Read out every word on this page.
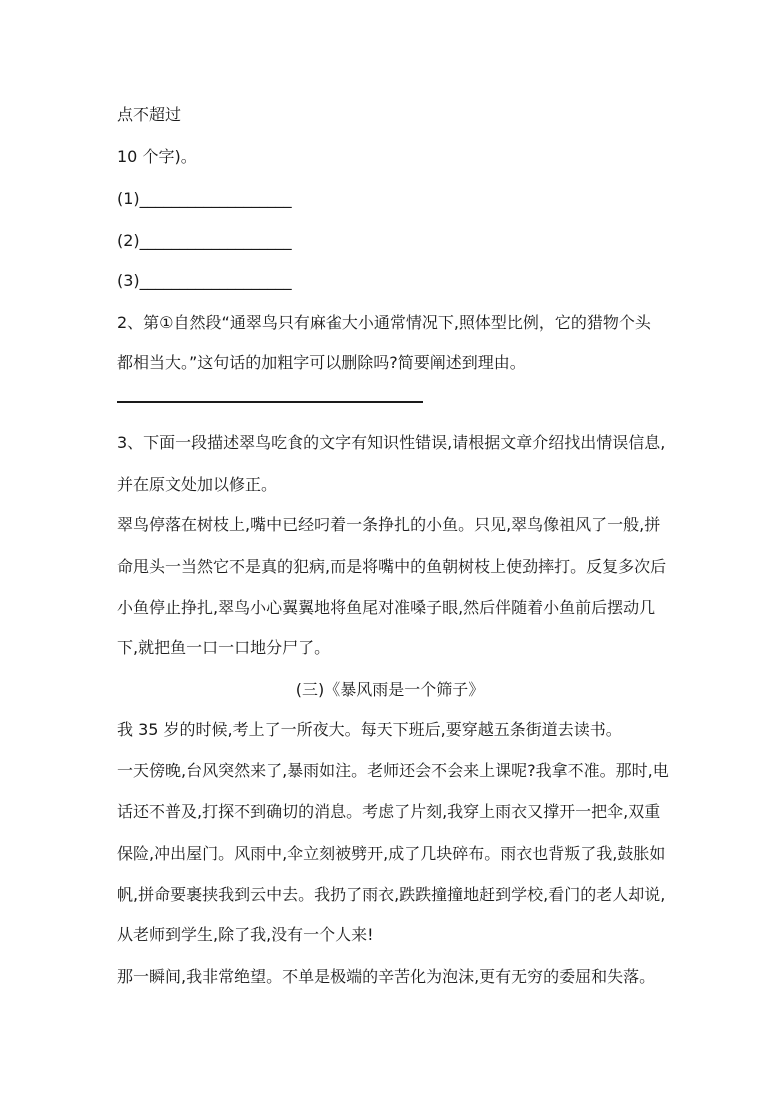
点不超过
10 个字)。
(1)___________________
(2)___________________
(3)___________________
2、第①自然段“通翠鸟只有麻雀大小通常情况下,照体型比例，它的猎物个头
都相当大。”这句话的加粗字可以删除吗?简要阐述到理由。
3、下面一段描述翠鸟吃食的文字有知识性错误,请根据文章介绍找出情误信息,
并在原文处加以修正。
翠鸟停落在树枝上,嘴中已经叼着一条挣扎的小鱼。只见,翠鸟像祖风了一般,拼
命甩头一当然它不是真的犯病,而是将嘴中的鱼朝树枝上使劲摔打。反复多次后
小鱼停止挣扎,翠鸟小心翼翼地将鱼尾对准嗓子眼,然后伴随着小鱼前后摆动几
下,就把鱼一口一口地分尸了。
(三)《暴风雨是一个筛子》
我 35 岁的时候,考上了一所夜大。每天下班后,要穿越五条街道去读书。
一天傍晚,台风突然来了,暴雨如注。老师还会不会来上课呢?我拿不准。那时,电
话还不普及,打探不到确切的消息。考虑了片刻,我穿上雨衣又撑开一把伞,双重
保险,冲出屋门。风雨中,伞立刻被劈开,成了几块碎布。雨衣也背叛了我,鼓胀如
帆,拼命要裹挟我到云中去。我扔了雨衣,跌跌撞撞地赶到学校,看门的老人却说,
从老师到学生,除了我,没有一个人来!
那一瞬间,我非常绝望。不单是极端的辛苦化为泡沫,更有无穷的委屈和失落。
